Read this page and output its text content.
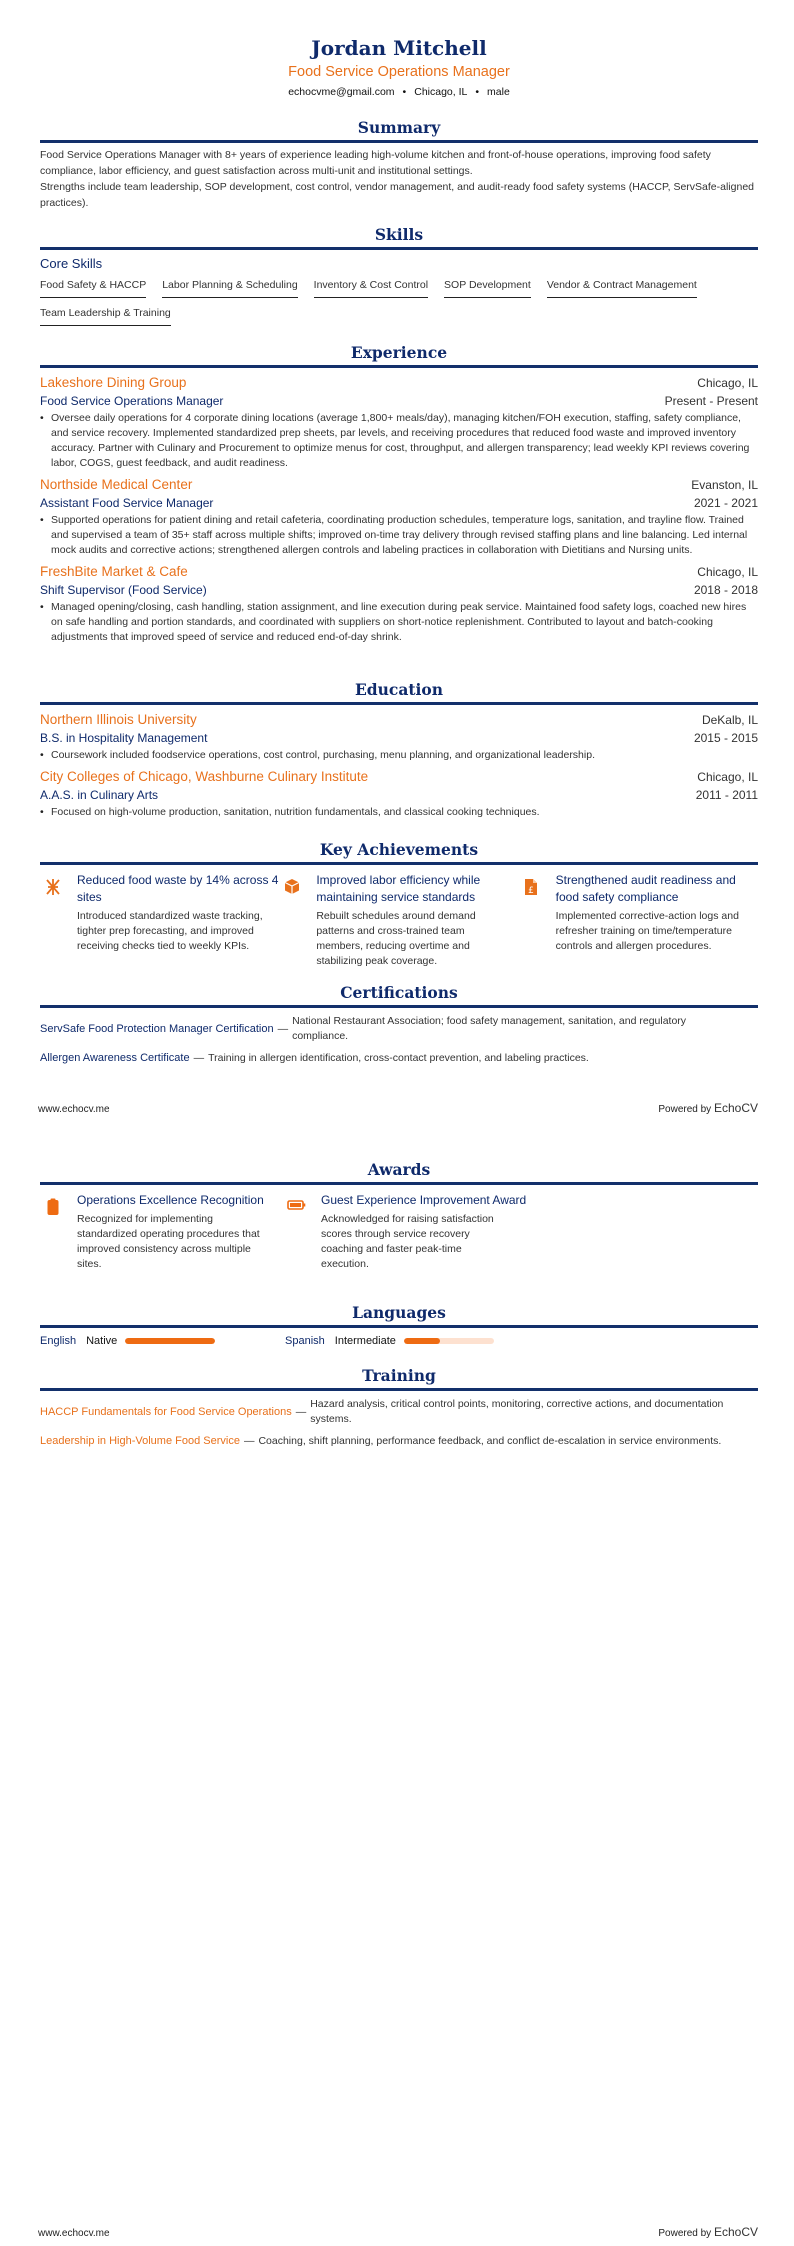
Jordan Mitchell
Food Service Operations Manager
echocvme@gmail.com • Chicago, IL • male
Summary

Food Service Operations Manager with 8+ years of experience leading high-volume kitchen and front-of-house operations, improving food safety compliance, labor efficiency, and guest satisfaction across multi-unit and institutional settings.

Strengths include team leadership, SOP development, cost control, vendor management, and audit-ready food safety systems (HACCP, ServSafe-aligned practices).

Skills
Core Skills
Food Safety & HACCP Labor Planning & Scheduling Inventory & Cost Control SOP Development Vendor & Contract Management
Team Leadership & Training
Experience
Lakeshore Dining Group	Chicago, IL
Food Service Operations Manager	Present - Present
• Oversee daily operations for 4 corporate dining locations (average 1,800+ meals/day), managing kitchen/FOH execution, staffing, safety compliance, and service recovery. Implemented standardized prep sheets, par levels, and receiving procedures that reduced food waste and improved inventory accuracy. Partner with Culinary and Procurement to optimize menus for cost, throughput, and allergen transparency; lead weekly KPI reviews covering labor, COGS, guest feedback, and audit readiness.
Northside Medical Center	Evanston, IL
Assistant Food Service Manager	2021 - 2021
• Supported operations for patient dining and retail cafeteria, coordinating production schedules, temperature logs, sanitation, and trayline flow. Trained and supervised a team of 35+ staff across multiple shifts; improved on-time tray delivery through revised staffing plans and line balancing. Led internal mock audits and corrective actions; strengthened allergen controls and labeling practices in collaboration with Dietitians and Nursing units.
FreshBite Market & Cafe	Chicago, IL
Shift Supervisor (Food Service)	2018 - 2018
• Managed opening/closing, cash handling, station assignment, and line execution during peak service. Maintained food safety logs, coached new hires on safe handling and portion standards, and coordinated with suppliers on short-notice replenishment. Contributed to layout and batch-cooking adjustments that improved speed of service and reduced end-of-day shrink.
Education
Northern Illinois University	DeKalb, IL
B.S. in Hospitality Management	2015 - 2015
• Coursework included foodservice operations, cost control, purchasing, menu planning, and organizational leadership.
City Colleges of Chicago, Washburne Culinary Institute	Chicago, IL
A.A.S. in Culinary Arts	2011 - 2011
• Focused on high-volume production, sanitation, nutrition fundamentals, and classical cooking techniques.
Key Achievements
Reduced food waste by 14% across 4 sites
Introduced standardized waste tracking, tighter prep forecasting, and improved receiving checks tied to weekly KPIs.
Improved labor efficiency while maintaining service standards
Rebuilt schedules around demand patterns and cross-trained team members, reducing overtime and stabilizing peak coverage.
£
Strengthened audit readiness and food safety compliance
Implemented corrective-action logs and refresher training on time/temperature controls and allergen procedures.
Certifications
ServSafe Food Protection Manager Certification —
National Restaurant Association; food safety management, sanitation, and regulatory compliance.
Allergen Awareness Certificate — Training in allergen identification, cross-contact prevention, and labeling practices.
www.echocv.me	Powered by EchoCV
Awards
Operations Excellence Recognition
Recognized for implementing standardized operating procedures that improved consistency across multiple sites.
Guest Experience Improvement Award
Acknowledged for raising satisfaction scores through service recovery coaching and faster peak-time execution.
Languages
English Native	Spanish Intermediate
Training
HACCP Fundamentals for Food Service Operations —
Hazard analysis, critical control points, monitoring, corrective actions, and documentation systems.
Leadership in High-Volume Food Service — Coaching, shift planning, performance feedback, and conflict de-escalation in service environments.
www.echocv.me	Powered by EchoCV
